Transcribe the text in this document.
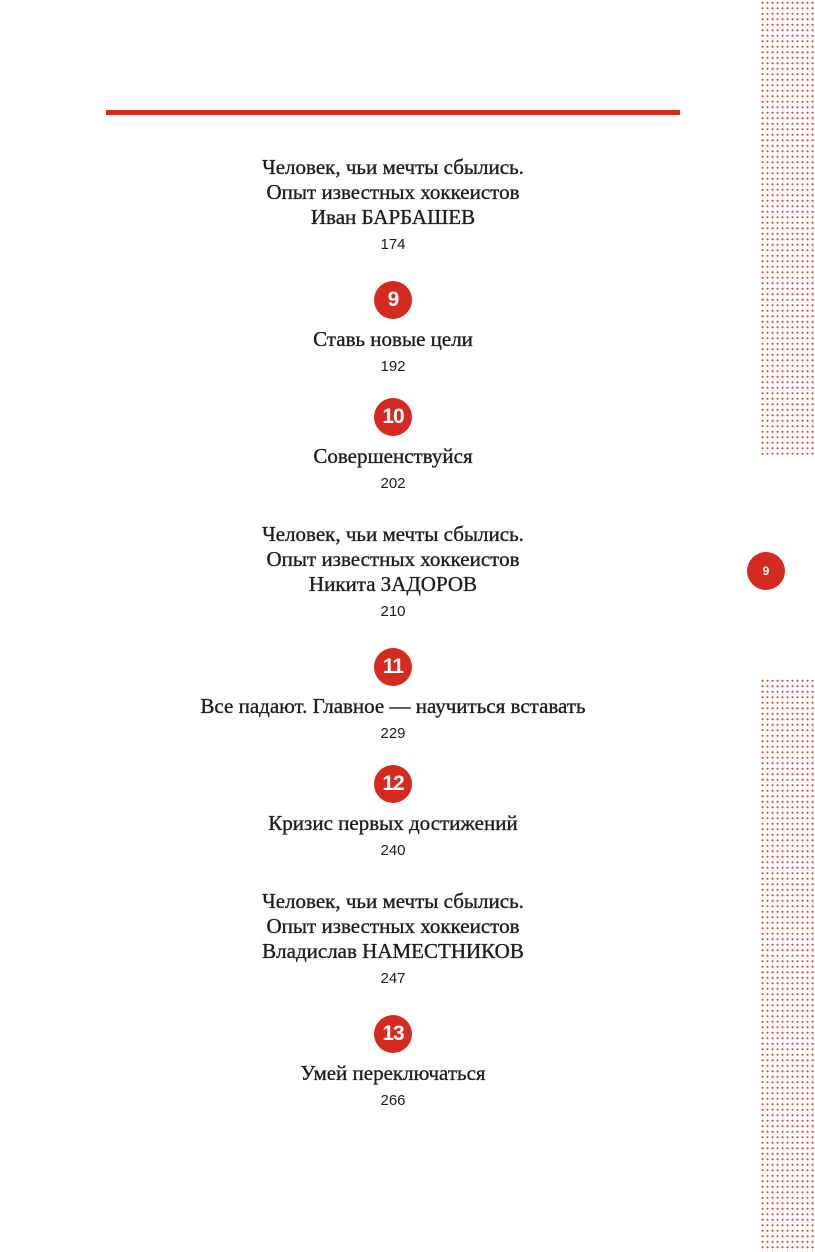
9
Человек, чьи мечты сбылись.
Опыт известных хоккеистов
Иван БАРБАШЕВ
174
9
Ставь новые цели
192
10
Совершенствуйся
202
Человек, чьи мечты сбылись.
Опыт известных хоккеистов
Никита ЗАДОРОВ
210
11
Все падают. Главное — научиться вставать
229
12
Кризис первых достижений
240
Человек, чьи мечты сбылись.
Опыт известных хоккеистов
Владислав НАМЕСТНИКОВ
247
13
Умей переключаться
266
